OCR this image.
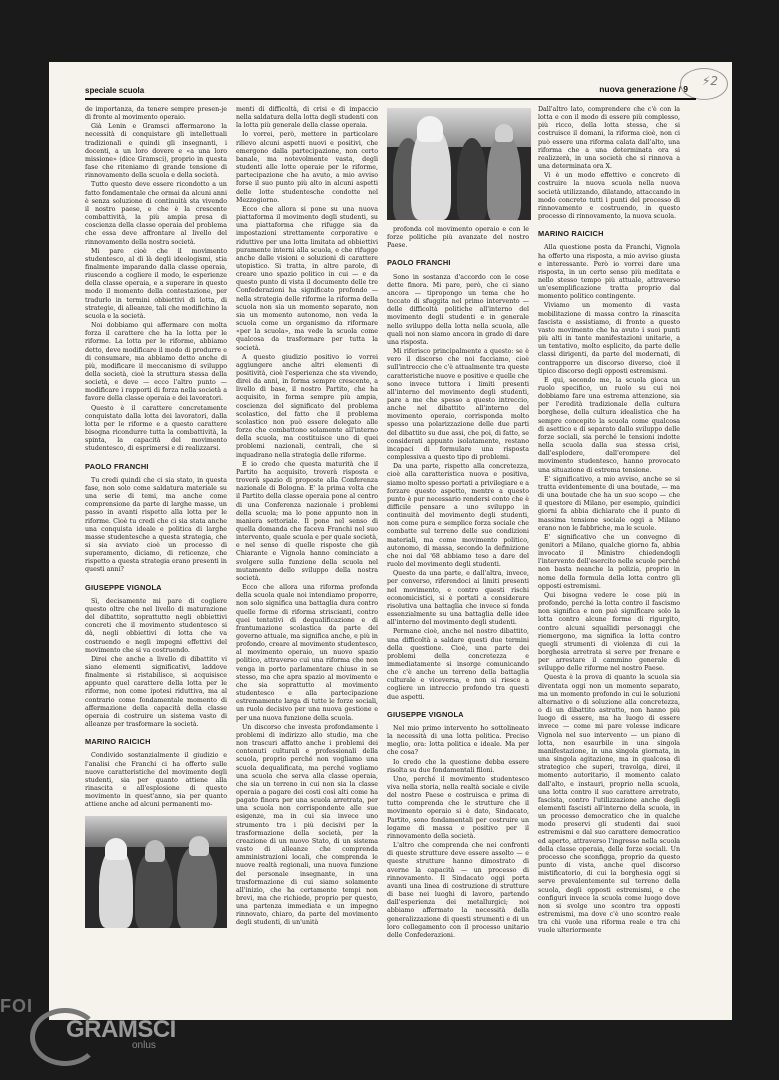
speciale scuola	nuova generazione / 9
⚡2

de importanza, da tenere sempre presen-je di fronte al movimento operaio.

Già Lenin e Gramsci affermarono la necessità di conquistare gli intellettuali tradizionali e quindi gli insegnanti, i docenti, a un loro dovere e «a una loro missione» (dice Gramsci), proprio in questa fase che riteniamo di grande tensione di rinnovamento della scuola e della società.

Tutto questo deve essere ricondotto a un fatto fondamentale che ormai da alcuni anni è senza soluzione di continuità sta vivendo il nostro paese, e che è la crescente combattività, la più ampia presa di coscienza della classe operaia del problema che essa deve affrontare al livello del rinnovamento della nostra società.

Mi pare cioè che il movimento studentesco, al di là degli ideologismi, stia finalmente imparando dalla classe operaia, riuscendo a cogliere il modo, le esperienze della classe operaia, e a superare in questo modo il momento della contestazione, per tradurlo in termini obbiettivi di lotta, di strategie, di alleanze, tali che modifichino la scuola e la società.

Noi dobbiamo qui affermare con molta forza il carattere che ha la lotta per le riforme. La lotta per le riforme, abbiamo detto, deve modificare il modo di produrre e di consumare, ma abbiamo detto anche di più, modificare il meccanismo di sviluppo della società, cioè la struttura stessa della società, e deve — ecco l'altro punto — modificare i rapporti di forza nella società a favore della classe operaia e dei lavoratori.

Questo è il carattere concretamente conquistato dalla lotta dei lavoratori, dalla lotta per le riforme e a questo carattere bisogna ricondurre tutta la combattività, la spinta, la capacità del movimento studentesco, di esprimersi e di realizzarsi.

PAOLO FRANCHI

Tu credi quindi che ci sia stato, in questa fase, non solo come saldatura materiale su una serie di temi, ma anche come comprensione da parte di larghe masse, un passo in avanti rispetto alla lotta per le riforme. Cioè tu credi che ci sia stata anche una conquista ideale e politica di larghe masse studentesche a questa strategia, che si sia avviato cioè un processo di superamento, diciamo, di reticenze, che rispetto a questa strategia erano presenti in questi anni?

GIUSEPPE VIGNOLA

Sì, decisamente mi pare di cogliere questo oltre che nel livello di maturazione del dibattito, soprattutto negli obbiettivi concreti che il movimento studentesco si dà, negli obbiettivi di lotta che va costruendo e negli impegni effettivi del movimento che si va costruendo.

Direi che anche a livello di dibattito vi siano elementi significativi, laddove finalmente si ristabilisce, si acquisisce appunto quel carattere della lotta per le riforme, non come ipotesi riduttiva, ma al contrario come fondamentale momento di affermazione della capacità della classe operaia di costruire un sistema vasto di alleanze per trasformare la società.

MARINO RAICICH

Condivido sostanzialmente il giudizio e l'analisi che Franchi ci ha offerto sulle nuove caratteristiche del movimento degli studenti, sia per quanto attiene alla rinascita e all'esplosione di questo movimento in quest'anno, sia per quanto attiene anche ad alcuni permanenti mo-

menti di difficoltà, di crisi e di impaccio nella saldatura della lotta degli studenti con la lotta più generale della classe operaia.

Io vorrei, però, mettere in particolare rilievo alcuni aspetti nuovi e positivi, che emergono dalla partecipazione, non certo banale, ma notevolmente vasta, degli studenti alle lotte operaie per le riforme, partecipazione che ha avuto, a mio avviso forse il suo punto più alto in alcuni aspetti delle lotte studentesche condotte nel Mezzogiorno.

Ecco che allora si pone su una nuova piattaforma il movimento degli studenti, su una piattaforma che rifugge sia da impostazioni strettamente corporative e riduttive per una lotta limitata ad obbiettivi puramente interni alla scuola, e che rifugge anche dalle visioni e soluzioni di carattere utopistico. Si tratta, in altre parole, di creare uno spazio politico in cui — e da questo punto di vista il documento delle tre Confederazioni ha significato profondo — nella strategia delle riforme la riforma della scuola non sia un momento separato, non sia un momento autonomo, non veda la scuola come un organismo da riformare «per la scuola», ma vede la scuola come qualcosa da trasformare per tutta la società.

A questo giudizio positivo io vorrei aggiungere anche altri elementi di positività, cioè l'esperienza che sta vivendo, direi da anni, in forma sempre crescente, a livello di base, il nostro Partito, che ha acquisito, in forma sempre più ampia, coscienza del significato del problema scolastico, del fatto che il problema scolastico non può essere delegato alle forze che combattono solamente all'interno della scuola, ma costituisce uno di quei problemi nazionali, centrali, che si inquadrano nella strategia delle riforme.

E io credo che questa maturità che il Partito ha acquisito, troverà risposta e troverà spazio di proposte alla Conferenza nazionale di Bologna. E' la prima volta che il Partito della classe operaia pone al centro di una Conferenza nazionale i problemi della scuola; ma lo pone appunto non in maniera settoriale. Il pone nel senso di quella domanda che faceva Franchi nel suo intervento, quale scuola e per quale società, e nel senso di quelle risposte che già Chiarante e Vignola hanno cominciato a svolgere sulla funzione della scuola nel mutamento dello sviluppo della nostra società.

Ecco che allora una riforma profonda della scuola quale noi intendiamo proporre, non solo significa una battaglia dura contro quelle forme di riforma striscianti, contro quei tentativi di dequalificazione e di frantumazione scolastica da parte del governo attuale, ma significa anche, e più in profondo, creare al movimento studentesco, al movimento operaio, un nuovo spazio politico, attraverso cui una riforma che non venga in porto parlamentare chiuso in se stesso, ma che apra spazio al movimento e che sia soprattutto al movimento studentesco e alla partecipazione estremamente larga di tutte le forze sociali, un ruolo decisivo per una nuova gestione e per una nuova funzione della scuola.

Un discorso che investa profondamente i problemi di indirizzo allo studio, ma che non trascuri affatto anche i problemi dei contenuti culturali e professionali della scuola, proprio perché non vogliamo una scuola dequalificata, ma perché vogliamo una scuola che serva alla classe operaia, che sia un terreno in cui non sia la classe operaia a pagare dei costi così alti come ha pagato finora per una scuola arretrata, per una scuola non corrispondente alle sue esigenze, ma in cui sia invece uno strumento tra i più decisivi per la trasformazione della società, per la creazione di un nuovo Stato, di un sistema vasto di alleanze che comprenda amministrazioni locali, che comprenda le nuove realtà regionali, una nuova funzione del personale insegnante, in una trasformazione di cui siamo solamente all'inizio, che ha certamente tempi non brevi, ma che richiede, proprio per questo, una partenza immediata e un impegno rinnovato, chiaro, da parte del movimento degli studenti, di un'unità

profonda col movimento operaio e con le forze politiche più avanzate del nostro Paese.

PAOLO FRANCHI

Sono in sostanza d'accordo con le cose dette finora. Mi pare, però, che ci siano ancora — tipropongo un tema che ho toccato di sfuggita nel primo intervento — delle difficoltà politiche all'interno del movimento degli studenti e in generale nello sviluppo della lotta nella scuola, alle quali noi non siamo ancora in grado di dare una risposta.

Mi riferisco principalmente a questo: se è vero il discorso che noi facciamo, cioè sull'intreccio che c'è attualmente tra queste caratteristiche nuove e positive e quelle che sono invece tuttora i limiti presenti all'interno del movimento degli studenti, pare a me che spesso a questo intreccio, anche nel dibattito all'interno del movimento operaio, corrisponda molto spesso una polarizzazione delle due parti del dibattito su due assi, che poi, di fatto, se considerati appunto isolatamente, restano incapaci di formulare una risposta complessiva a questo tipo di problemi.

Da una parte, rispetto alla concretezza, cioè alla caratteristica nuova e positiva, siamo molto spesso portati a privilegiare e a forzare questo aspetto, mentre a questo punto è pur necessario rendersi conto che è difficile pensare a uno sviluppo in continuità del movimento degli studenti, non come pura e semplice forza sociale che combatte sul terreno delle sue condizioni materiali, ma come movimento politico, autonomo, di massa, secondo la definizione che noi dal '68 abbiamo teso a dare del ruolo del movimento degli studenti.

Questo da una parte, e dall'altra, invece, per converso, riferendoci ai limiti presenti nel movimento, e contro questi rischi economicistici, si è portati a considerare risolutiva una battaglia che invece si fonda essenzialmente su una battaglia delle idee all'interno del movimento degli studenti.

Permane cioè, anche nel nostro dibattito, una difficoltà a saldare questi due termini della questione. Cioè, una parte dei problemi della concretezza e immediatamente si insorge comunicando che c'è anche un terreno della battaglia culturale e viceversa, e non si riesce a cogliere un intreccio profondo tra questi due aspetti.

GIUSEPPE VIGNOLA

Nel mio primo intervento ho sottolineato la necessità di una lotta politica. Preciso meglio, ora: lotta politica e ideale. Ma per che cosa?

Io credo che la questione debba essere risolta su due fondamentali filoni.

Uno, perché il movimento studentesco viva nella storia, nella realtà sociale e civile del nostro Paese e costruisca e prima di tutto comprenda che le strutture che il movimento operaio si è dato, Sindacato, Partito, sono fondamentali per costruire un legame di massa e positivo per il rinnovamento della società.

L'altro che comprenda che nei confronti di queste strutture deve essere assolto — e queste strutture hanno dimostrato di averne la capacità — un processo di rinnovamento. Il Sindacato oggi porta avanti una linea di costruzione di strutture di base nei luoghi di lavoro, partendo dall'esperienza dei metallurgici; noi abbiamo affermato la necessità della generalizzazione di questi strumenti e di un loro collegamento con il processo unitario delle Confederazioni.

Dall'altro lato, comprendere che c'è con la lotta e con il modo di essere più complesso, più ricco, della lotta stessa, che si costruisce il domani, la riforma cioè, non ci può essere una riforma calata dall'alto, una riforma che a una determinata ora si realizzerà, in una società che si rinnova a una determinata ora X.

Vi è un modo effettivo e concreto di costruire la nuova scuola nella nuova società utilizzando, dilatando, attaccando in modo concreto tutti i punti del processo di rinnovamento e costruendo, in questo processo di rinnovamento, la nuova scuola.

MARINO RAICICH

Alla questione posta da Franchi, Vignola ha offerto una risposta, a mio avviso giusta e interessante. Però io vorrei dare una risposta, in un certo senso più meditata e nello stesso tempo più attuale, attraverso un'esemplificazione tratta proprio dal momento politico contingente.

Viviamo un momento di vasta mobilitazione di massa contro la rinascita fascista e assistiamo, di fronte a questo vasto movimento che ha avuto i suoi punti più alti in tante manifestazioni unitarie, a un tentativo, molto esplicito, da parte delle classi dirigenti, da parte del modernati, di contrapporre un discorso diverso, cioè il tipico discorso degli opposti estremismi.

E qui, secondo me, la scuola gioca un ruolo specifico, un ruolo su cui noi dobbiamo fare una estrema attenzione, sia per l'eredità tradizionale della cultura borghese, della cultura idealistica che ha sempre concepito la scuola come qualcosa di asettico e di separato dallo sviluppo delle forze sociali, sia perché le tensioni indotte nella scuola dalla sua stessa crisi, dall'esplodere, dall'erompere del movimento studentesco, hanno provocato una situazione di estrema tensione.

E' significativo, a mio avviso, anche se si tratta evidentemente di una boutade, — ma di una boutade che ha un suo scopo — che il questore di Milano, per esempio, quindici giorni fa abbia dichiarato che il punto di massima tensione sociale oggi a Milano erano non le fabbriche, ma le scuole.

E' significativo che un convegno di genitori a Milano, qualche giorno fa, abbia invocato il Ministro chiedendogli l'intervento dell'esercito nelle scuole perché non basta neanche la polizia, proprio in nome della formula della lotta contro gli opposti estremismi.

Qui bisogna vedere le cose più in profondo, perché la lotta contro il fascismo non significa e non può significare solo la lotta contro alcune forme di rigurgito, contro alcuni squallidi personaggi che riemergono, ma significa la lotta contro quegli strumenti di violenza di cui la borghesia arretrata si serve per frenare e per arrestare il cammino generale di sviluppo delle riforme nel nostro Paese.

Questa è la prova di quanto la scuola sia diventata oggi non un momento separato, ma un momento profondo in cui le soluzioni alternative o di soluzione alla concretezza, o di un dibattito astratto, non hanno più luogo di essere, ma ha luogo di essere invece — come mi pare volesse indicare Vignola nel suo intervento — un piano di lotta, non esaurbile in una singola manifestazione, in una singola giornata, in una singola agitazione, ma in qualcosa di strategico che superi, travolga, direi, il momento autoritario, il momento calato dall'alto, e instauri, proprio nella scuola, una lotta contro il suo carattere arretrato, fascista, contro l'utilizzazione anche degli elementi fascisti all'interno della scuola, in un processo democratico che in qualche modo preservi gli studenti dai suoi estremismi e dal suo carattere democratico ed aperto, attraverso l'ingresso nella scuola della classe operaia, delle forze sociali. Un processo che sconfigga, proprio da questo punto di vista, anche quel discorso mistificatorio, di cui la borghesia oggi si serve prevalentemente sul terreno della scuola, degli opposti estremismi, e che configuri invece la scuola come luogo dove non si svolge uno scontro tra opposti estremismi, ma dove c'è uno scontro reale tra chi vuole una riforma reale e tra chi vuole ulteriormente

FOI
GRAMSCI
onlus
